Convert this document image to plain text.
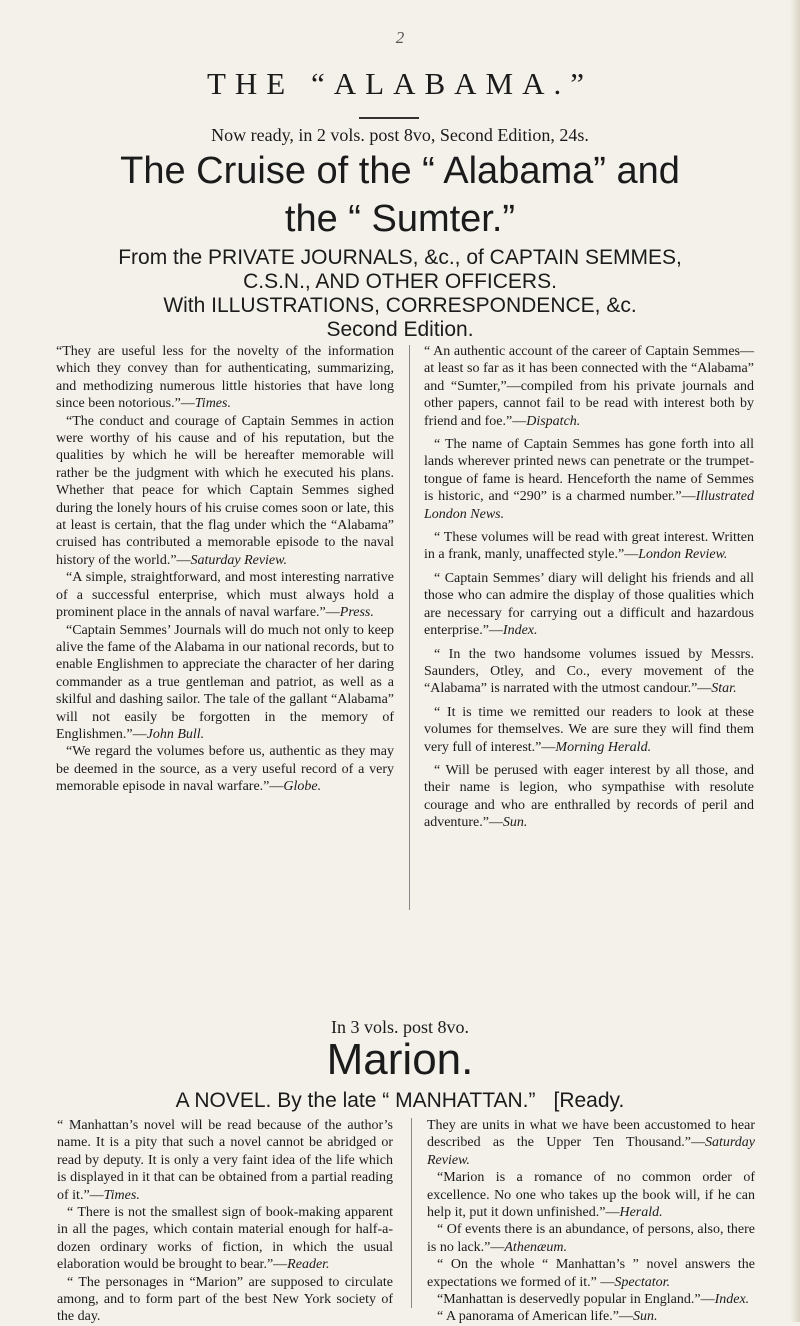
2
THE “ALABAMA.”
Now ready, in 2 vols. post 8vo, Second Edition, 24s.
The Cruise of the “ Alabama” and
the “ Sumter.”
From the PRIVATE JOURNALS, &c., of CAPTAIN SEMMES,
C.S.N., AND OTHER OFFICERS.
With ILLUSTRATIONS, CORRESPONDENCE, &c.
Second Edition.

“They are useful less for the novelty of the information which they convey than for authenticating, summarizing, and methodizing numerous little histories that have long since been notorious.”—Times.

“The conduct and courage of Captain Semmes in action were worthy of his cause and of his reputation, but the qualities by which he will be hereafter memorable will rather be the judgment with which he executed his plans. Whether that peace for which Captain Semmes sighed during the lonely hours of his cruise comes soon or late, this at least is certain, that the flag under which the “Alabama” cruised has contributed a memorable episode to the naval history of the world.”—Saturday Review.

“A simple, straightforward, and most interesting narrative of a successful enterprise, which must always hold a prominent place in the annals of naval warfare.”—Press.

“Captain Semmes’ Journals will do much not only to keep alive the fame of the Alabama in our national records, but to enable Englishmen to appreciate the character of her daring commander as a true gentleman and patriot, as well as a skilful and dashing sailor. The tale of the gallant “Alabama” will not easily be forgotten in the memory of Englishmen.”—John Bull.

“We regard the volumes before us, authentic as they may be deemed in the source, as a very useful record of a very memorable episode in naval warfare.”—Globe.

“ An authentic account of the career of Captain Semmes—at least so far as it has been connected with the “Alabama” and “Sumter,”—compiled from his private journals and other papers, cannot fail to be read with interest both by friend and foe.”—Dispatch.

“ The name of Captain Semmes has gone forth into all lands wherever printed news can penetrate or the trumpet-tongue of fame is heard. Henceforth the name of Semmes is historic, and “290” is a charmed number.”—Illustrated London News.

“ These volumes will be read with great interest. Written in a frank, manly, unaffected style.”—London Review.

“ Captain Semmes’ diary will delight his friends and all those who can admire the display of those qualities which are necessary for carrying out a difficult and hazardous enterprise.”—Index.

“ In the two handsome volumes issued by Messrs. Saunders, Otley, and Co., every movement of the “Alabama” is narrated with the utmost candour.”—Star.

“ It is time we remitted our readers to look at these volumes for themselves. We are sure they will find them very full of interest.”—Morning Herald.

“ Will be perused with eager interest by all those, and their name is legion, who sympathise with resolute courage and who are enthralled by records of peril and adventure.”—Sun.

In 3 vols. post 8vo.
Marion.
A NOVEL. By the late “ MANHATTAN.” [Ready.

“ Manhattan’s novel will be read because of the author’s name. It is a pity that such a novel cannot be abridged or read by deputy. It is only a very faint idea of the life which is displayed in it that can be obtained from a partial reading of it.”—Times.

“ There is not the smallest sign of book-making apparent in all the pages, which contain material enough for half-a-dozen ordinary works of fiction, in which the usual elaboration would be brought to bear.”—Reader.

“ The personages in “Marion” are supposed to circulate among, and to form part of the best New York society of the day.

They are units in what we have been accustomed to hear described as the Upper Ten Thousand.”—Saturday Review.

“Marion is a romance of no common order of excellence. No one who takes up the book will, if he can help it, put it down unfinished.”—Herald.

“ Of events there is an abundance, of persons, also, there is no lack.”—Athenæum.

“ On the whole “ Manhattan’s ” novel answers the expectations we formed of it.” —Spectator.

“Manhattan is deservedly popular in England.”—Index.

“ A panorama of American life.”—Sun.
